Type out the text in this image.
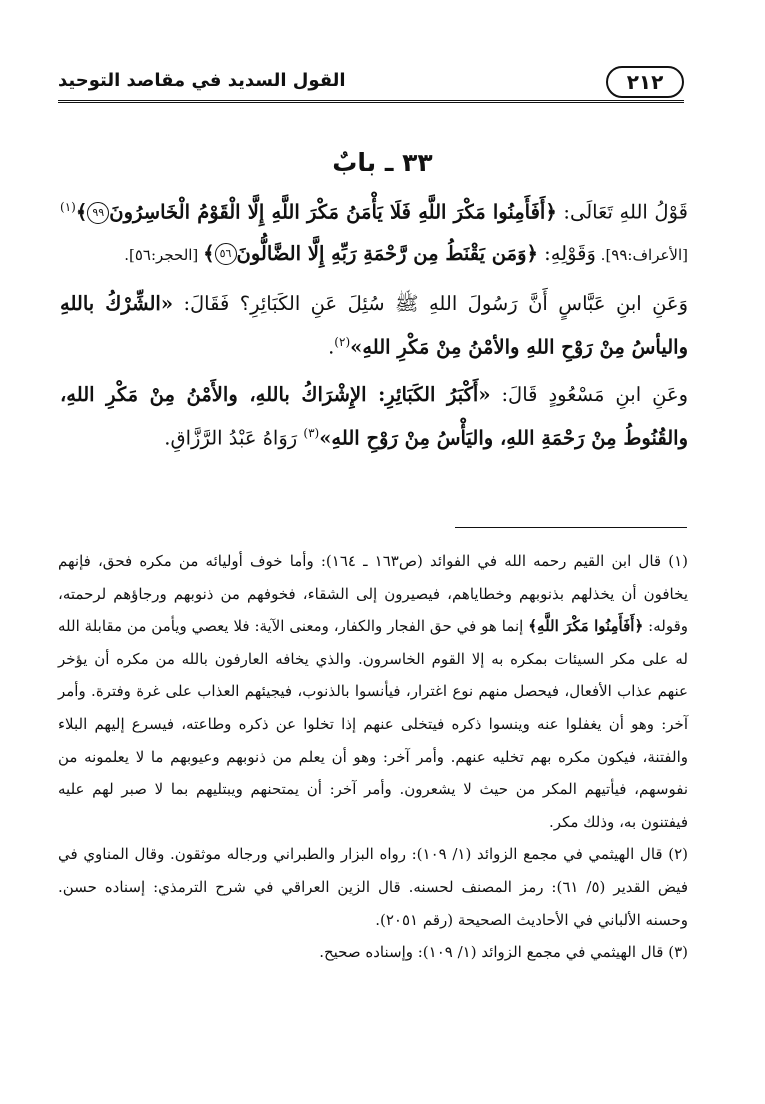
٢١٢
القول السديد في مقاصد التوحيد
٣٣ ـ بابٌ

قَوْلُ اللهِ تَعَالَى: ﴿أَفَأَمِنُوا مَكْرَ اللَّهِ فَلَا يَأْمَنُ مَكْرَ اللَّهِ إِلَّا الْقَوْمُ الْخَاسِرُونَ٩٩﴾$^{(١)}$ [الأعراف:٩٩]. وَقَوْلِهِ: ﴿وَمَن يَقْنَطُ مِن رَّحْمَةِ رَبِّهِ إِلَّا الضَّالُّونَ٥٦﴾ [الحجر:٥٦].

وَعَنِ ابنِ عَبَّاسٍ أَنَّ رَسُولَ اللهِ ﷺ سُئِلَ عَنِ الكَبَائِرِ؟ فَقَالَ: «الشِّرْكُ باللهِ واليأسُ مِنْ رَوْحِ اللهِ والأمْنُ مِنْ مَكْرِ اللهِ»$^{(٢)}$.

وعَنِ ابنِ مَسْعُودٍ قَالَ: «أَكْبَرُ الكَبَائِرِ: الإِشْرَاكُ باللهِ، والأَمْنُ مِنْ مَكْرِ اللهِ، والقُنُوطُ مِنْ رَحْمَةِ اللهِ، واليَأْسُ مِنْ رَوْحِ اللهِ»$^{(٣)}$ رَوَاهُ عَبْدُ الرَّزَّاقِ.

(١) قال ابن القيم رحمه الله في الفوائد (ص١٦٣ ـ ١٦٤): وأما خوف أوليائه من مكره فحق، فإنهم يخافون أن يخذلهم بذنوبهم وخطاياهم، فيصيرون إلى الشقاء، فخوفهم من ذنوبهم ورجاؤهم لرحمته، وقوله: ﴿أَفَأَمِنُوا مَكْرَ اللَّهِ﴾ إنما هو في حق الفجار والكفار، ومعنى الآية: فلا يعصي ويأمن من مقابلة الله له على مكر السيئات بمكره به إلا القوم الخاسرون. والذي يخافه العارفون بالله من مكره أن يؤخر عنهم عذاب الأفعال، فيحصل منهم نوع اغترار، فيأنسوا بالذنوب، فيجيئهم العذاب على غرة وفترة. وأمر آخر: وهو أن يغفلوا عنه وينسوا ذكره فيتخلى عنهم إذا تخلوا عن ذكره وطاعته، فيسرع إليهم البلاء والفتنة، فيكون مكره بهم تخليه عنهم. وأمر آخر: وهو أن يعلم من ذنوبهم وعيوبهم ما لا يعلمونه من نفوسهم، فيأتيهم المكر من حيث لا يشعرون. وأمر آخر: أن يمتحنهم ويبتليهم بما لا صبر لهم عليه فيفتنون به، وذلك مكر.

(٢) قال الهيثمي في مجمع الزوائد (١/ ١٠٩): رواه البزار والطبراني ورجاله موثقون. وقال المناوي في فيض القدير (٥/ ٦١): رمز المصنف لحسنه. قال الزين العراقي في شرح الترمذي: إسناده حسن. وحسنه الألباني في الأحاديث الصحيحة (رقم ٢٠٥١).

(٣) قال الهيثمي في مجمع الزوائد (١/ ١٠٩): وإسناده صحيح.
